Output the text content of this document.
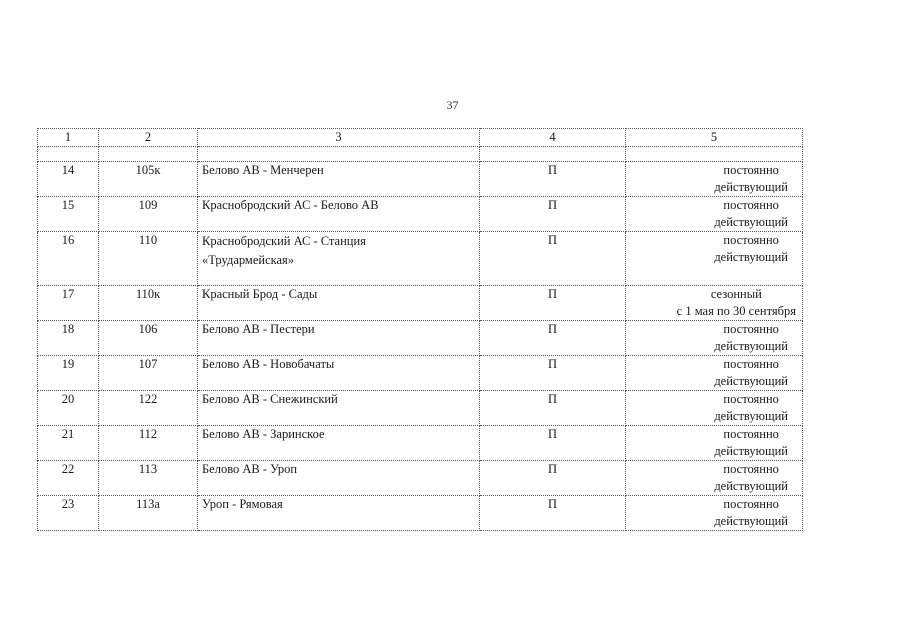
37
1	2	3	4	5

14	105к	Белово АВ - Менчерен	П	постоянно
действующий
15	109	Краснобродский АС - Белово АВ	П	постоянно
действующий
16	110	Краснобродский АС - Станция
«Трудармейская»	П	постоянно
действующий
17	110к	Красный Брод - Сады	П	сезонный
с 1 мая по 30 сентября
18	106	Белово АВ - Пестери	П	постоянно
действующий
19	107	Белово АВ - Новобачаты	П	постоянно
действующий
20	122	Белово АВ - Снежинский	П	постоянно
действующий
21	112	Белово АВ - Заринское	П	постоянно
действующий
22	113	Белово АВ - Уроп	П	постоянно
действующий
23	113а	Уроп - Рямовая	П	постоянно
действующий
